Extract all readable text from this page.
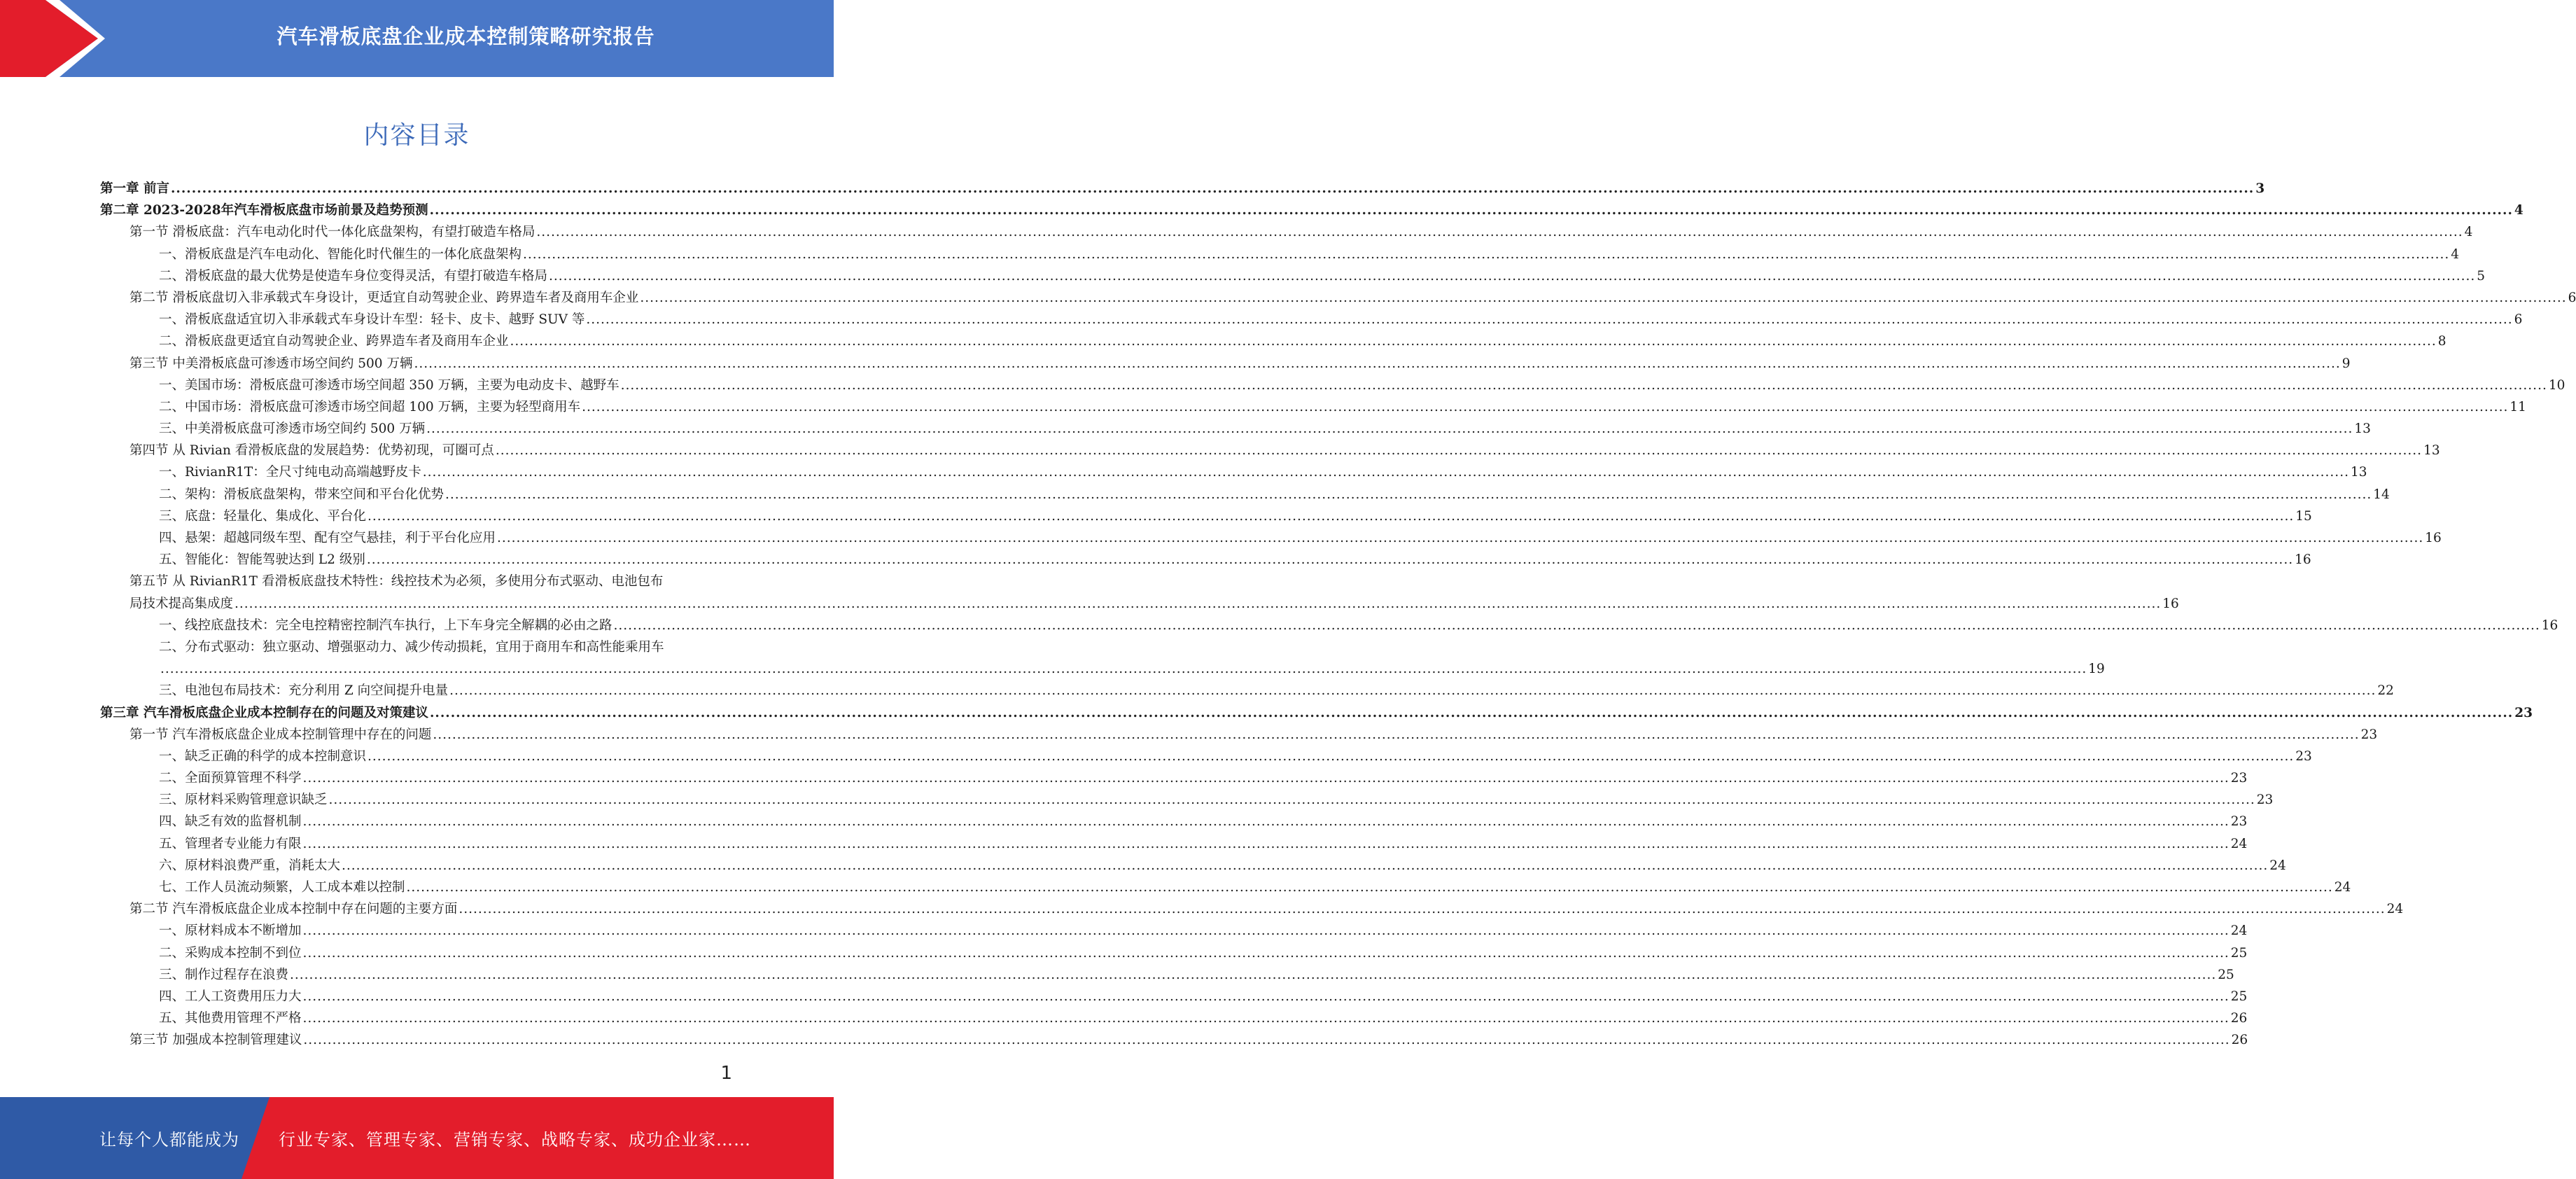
汽车滑板底盘企业成本控制策略研究报告
内容目录
第一章 前言 ................................................................................................................................................................................................................................................................................................................................................................................................................ 3
第二章 2023-2028年汽车滑板底盘市场前景及趋势预测 ................................................................................................................................................................................................................................................................................................................................................................................................................ 4
第一节 滑板底盘：汽车电动化时代一体化底盘架构，有望打破造车格局 ................................................................................................................................................................................................................................................................................................................................................................................................................ 4
一、滑板底盘是汽车电动化、智能化时代催生的一体化底盘架构 ................................................................................................................................................................................................................................................................................................................................................................................................................ 4
二、滑板底盘的最大优势是使造车身位变得灵活，有望打破造车格局 ................................................................................................................................................................................................................................................................................................................................................................................................................ 5
第二节 滑板底盘切入非承载式车身设计，更适宜自动驾驶企业、跨界造车者及商用车企业 ................................................................................................................................................................................................................................................................................................................................................................................................................ 6
一、滑板底盘适宜切入非承载式车身设计车型：轻卡、皮卡、越野 SUV 等 ................................................................................................................................................................................................................................................................................................................................................................................................................ 6
二、滑板底盘更适宜自动驾驶企业、跨界造车者及商用车企业 ................................................................................................................................................................................................................................................................................................................................................................................................................ 8
第三节 中美滑板底盘可渗透市场空间约 500 万辆 ................................................................................................................................................................................................................................................................................................................................................................................................................ 9
一、美国市场：滑板底盘可渗透市场空间超 350 万辆，主要为电动皮卡、越野车 ................................................................................................................................................................................................................................................................................................................................................................................................................ 10
二、中国市场：滑板底盘可渗透市场空间超 100 万辆，主要为轻型商用车 ................................................................................................................................................................................................................................................................................................................................................................................................................ 11
三、中美滑板底盘可渗透市场空间约 500 万辆 ................................................................................................................................................................................................................................................................................................................................................................................................................ 13
第四节 从 Rivian 看滑板底盘的发展趋势：优势初现，可圈可点 ................................................................................................................................................................................................................................................................................................................................................................................................................ 13
一、RivianR1T：全尺寸纯电动高端越野皮卡 ................................................................................................................................................................................................................................................................................................................................................................................................................ 13
二、架构：滑板底盘架构，带来空间和平台化优势 ................................................................................................................................................................................................................................................................................................................................................................................................................ 14
三、底盘：轻量化、集成化、平台化 ................................................................................................................................................................................................................................................................................................................................................................................................................ 15
四、悬架：超越同级车型、配有空气悬挂，利于平台化应用 ................................................................................................................................................................................................................................................................................................................................................................................................................ 16
五、智能化：智能驾驶达到 L2 级别 ................................................................................................................................................................................................................................................................................................................................................................................................................ 16
第五节 从 RivianR1T 看滑板底盘技术特性：线控技术为必须，多使用分布式驱动、电池包布
局技术提高集成度 ................................................................................................................................................................................................................................................................................................................................................................................................................ 16
一、线控底盘技术：完全电控精密控制汽车执行，上下车身完全解耦的必由之路 ................................................................................................................................................................................................................................................................................................................................................................................................................ 16
二、分布式驱动：独立驱动、增强驱动力、减少传动损耗，宜用于商用车和高性能乘用车
................................................................................................................................................................................................................................................................................................................................................................................................................ 19
三、电池包布局技术：充分利用 Z 向空间提升电量 ................................................................................................................................................................................................................................................................................................................................................................................................................ 22
第三章 汽车滑板底盘企业成本控制存在的问题及对策建议 ................................................................................................................................................................................................................................................................................................................................................................................................................ 23
第一节 汽车滑板底盘企业成本控制管理中存在的问题 ................................................................................................................................................................................................................................................................................................................................................................................................................ 23
一、缺乏正确的科学的成本控制意识 ................................................................................................................................................................................................................................................................................................................................................................................................................ 23
二、全面预算管理不科学 ................................................................................................................................................................................................................................................................................................................................................................................................................ 23
三、原材料采购管理意识缺乏 ................................................................................................................................................................................................................................................................................................................................................................................................................ 23
四、缺乏有效的监督机制 ................................................................................................................................................................................................................................................................................................................................................................................................................ 23
五、管理者专业能力有限 ................................................................................................................................................................................................................................................................................................................................................................................................................ 24
六、原材料浪费严重，消耗太大 ................................................................................................................................................................................................................................................................................................................................................................................................................ 24
七、工作人员流动频繁，人工成本难以控制 ................................................................................................................................................................................................................................................................................................................................................................................................................ 24
第二节 汽车滑板底盘企业成本控制中存在问题的主要方面 ................................................................................................................................................................................................................................................................................................................................................................................................................ 24
一、原材料成本不断增加 ................................................................................................................................................................................................................................................................................................................................................................................................................ 24
二、采购成本控制不到位 ................................................................................................................................................................................................................................................................................................................................................................................................................ 25
三、制作过程存在浪费 ................................................................................................................................................................................................................................................................................................................................................................................................................ 25
四、工人工资费用压力大 ................................................................................................................................................................................................................................................................................................................................................................................................................ 25
五、其他费用管理不严格 ................................................................................................................................................................................................................................................................................................................................................................................................................ 26
第三节 加强成本控制管理建议 ................................................................................................................................................................................................................................................................................................................................................................................................................ 26
1
让每个人都能成为 行业专家、管理专家、营销专家、战略专家、成功企业家……
